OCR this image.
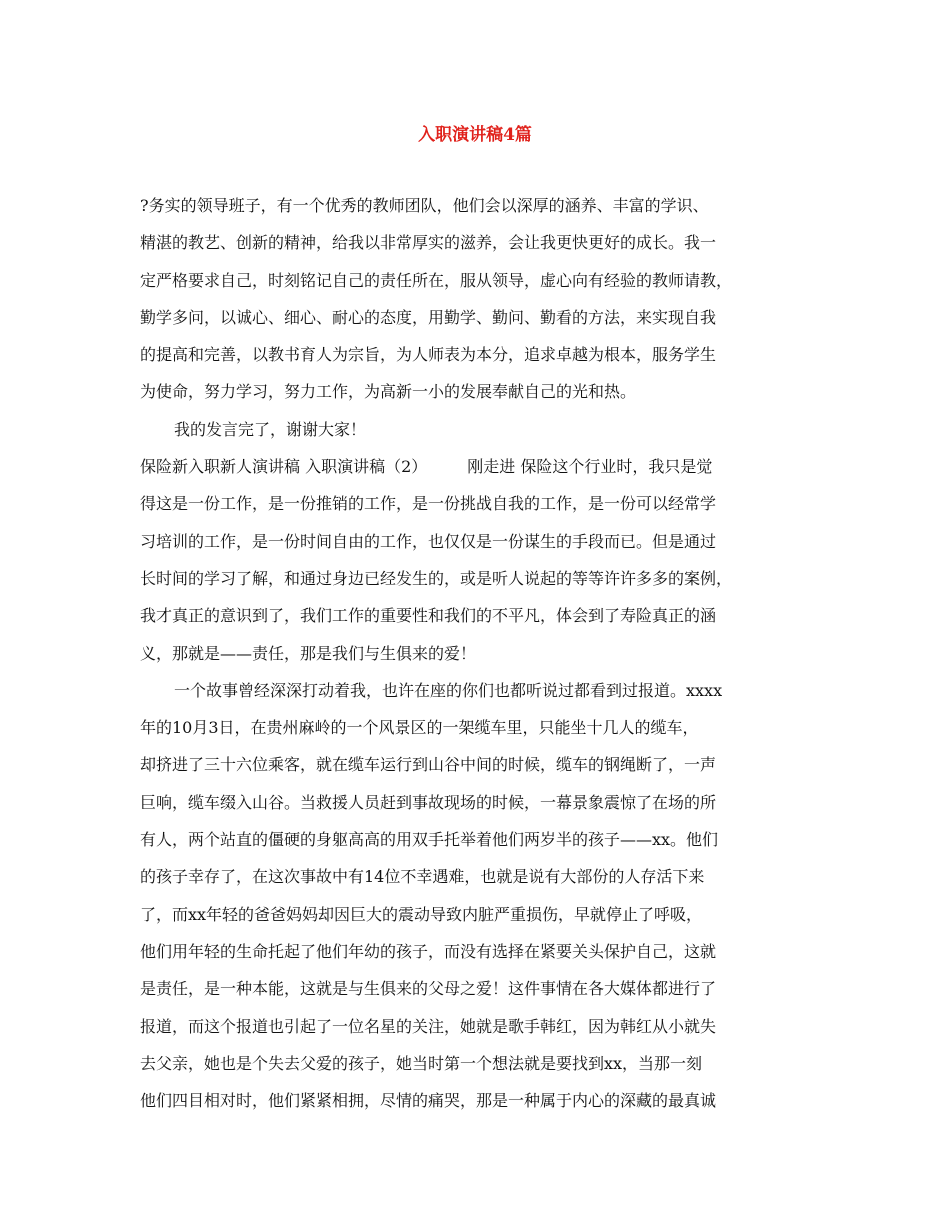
入职演讲稿4篇
?务实的领导班子，有一个优秀的教师团队，他们会以深厚的涵养、丰富的学识、
精湛的教艺、创新的精神，给我以非常厚实的滋养，会让我更快更好的成长。我一
定严格要求自己，时刻铭记自己的责任所在，服从领导，虚心向有经验的教师请教，
勤学多问，以诚心、细心、耐心的态度，用勤学、勤问、勤看的方法，来实现自我
的提高和完善，以教书育人为宗旨，为人师表为本分，追求卓越为根本，服务学生
为使命，努力学习，努力工作，为高新一小的发展奉献自己的光和热。
我的发言完了，谢谢大家！
保险新入职新人演讲稿 入职演讲稿（2）　　　刚走进 保险这个行业时，我只是觉
得这是一份工作，是一份推销的工作，是一份挑战自我的工作，是一份可以经常学
习培训的工作，是一份时间自由的工作，也仅仅是一份谋生的手段而已。但是通过
长时间的学习了解，和通过身边已经发生的，或是听人说起的等等许许多多的案例，
我才真正的意识到了，我们工作的重要性和我们的不平凡，体会到了寿险真正的涵
义，那就是——责任，那是我们与生俱来的爱！
一个故事曾经深深打动着我，也许在座的你们也都听说过都看到过报道。xxxx
年的10月3日，在贵州麻岭的一个风景区的一架缆车里，只能坐十几人的缆车，
却挤进了三十六位乘客，就在缆车运行到山谷中间的时候，缆车的钢绳断了，一声
巨响，缆车缀入山谷。当救援人员赶到事故现场的时候，一幕景象震惊了在场的所
有人，两个站直的僵硬的身躯高高的用双手托举着他们两岁半的孩子——xx。他们
的孩子幸存了，在这次事故中有14位不幸遇难，也就是说有大部份的人存活下来
了，而xx年轻的爸爸妈妈却因巨大的震动导致内脏严重损伤，早就停止了呼吸，
他们用年轻的生命托起了他们年幼的孩子，而没有选择在紧要关头保护自己，这就
是责任，是一种本能，这就是与生俱来的父母之爱！这件事情在各大媒体都进行了
报道，而这个报道也引起了一位名星的关注，她就是歌手韩红，因为韩红从小就失
去父亲，她也是个失去父爱的孩子，她当时第一个想法就是要找到xx，当那一刻
他们四目相对时，他们紧紧相拥，尽情的痛哭，那是一种属于内心的深藏的最真诚
